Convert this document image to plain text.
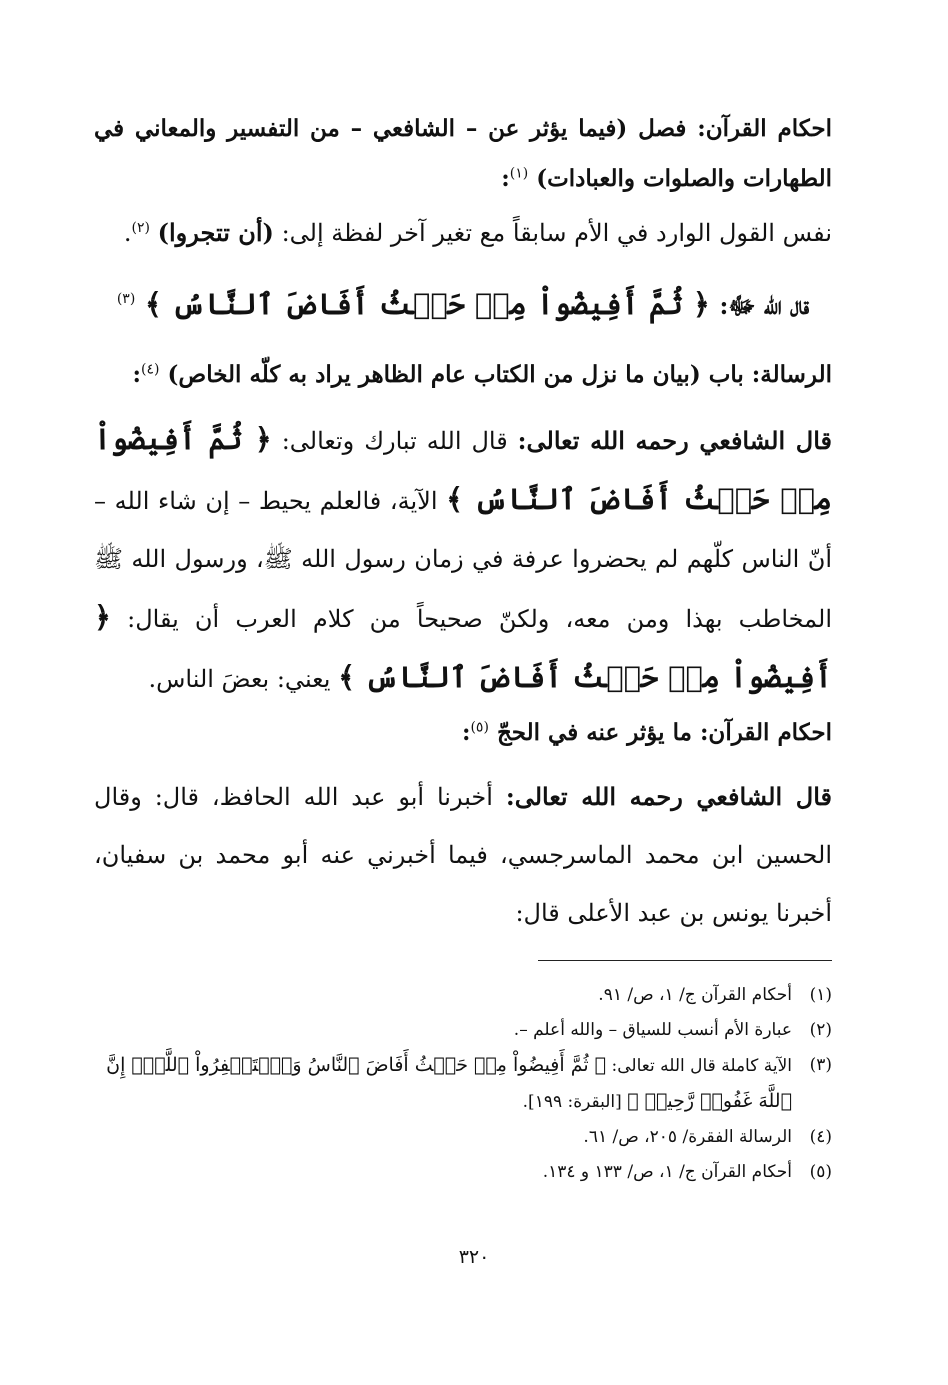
احكام القرآن: فصل (فيما يؤثر عن – الشافعي – من التفسير والمعاني في الطهارات والصلوات والعبادات) $^{(١)}$:

نفس القول الوارد في الأم سابقاً مع تغير آخر لفظة إلى: (أن تتجروا) $^{(٢)}$.

قال الله ﷻ: ﴿ ثُمَّ أَفِيضُواْ مِنۡ حَيۡثُ أَفَاضَ ٱلنَّاسُ ﴾ $^{(٣)}$

الرسالة: باب (بيان ما نزل من الكتاب عام الظاهر يراد به كلّه الخاص) $^{(٤)}$:

قال الشافعي رحمه الله تعالى: قال الله تبارك وتعالى: ﴿ ثُمَّ أَفِيضُواْ مِنۡ حَيۡثُ أَفَاضَ ٱلنَّاسُ ﴾ الآية، فالعلم يحيط – إن شاء الله – أنّ الناس كلّهم لم يحضروا عرفة في زمان رسول الله ﷺ، ورسول الله ﷺ المخاطب بهذا ومن معه، ولكنّ صحيحاً من كلام العرب أن يقال: ﴿ أَفِيضُواْ مِنۡ حَيۡثُ أَفَاضَ ٱلنَّاسُ ﴾ يعني: بعضَ الناس.

احكام القرآن: ما يؤثر عنه في الحجّ $^{(٥)}$:

قال الشافعي رحمه الله تعالى: أخبرنا أبو عبد الله الحافظ، قال: وقال الحسين ابن محمد الماسرجسي، فيما أخبرني عنه أبو محمد بن سفيان، أخبرنا يونس بن عبد الأعلى قال:

(١)
أحكام القرآن ج/ ١، ص/ ٩١.
(٢)
عبارة الأم أنسب للسياق – والله أعلم –.
(٣)
الآية كاملة قال الله تعالى: ﴿ ثُمَّ أَفِيضُواْ مِنۡ حَيۡثُ أَفَاضَ ٱلنَّاسُ وَٱسۡتَغۡفِرُواْ ٱللَّهَۚ إِنَّ ٱللَّهَ غَفُورٞ رَّحِيمٞ ﴾ [البقرة: ١٩٩].
(٤)
الرسالة الفقرة/ ٢٠٥، ص/ ٦١.
(٥)
أحكام القرآن ج/ ١، ص/ ١٣٣ و ١٣٤.
٣٢٠
